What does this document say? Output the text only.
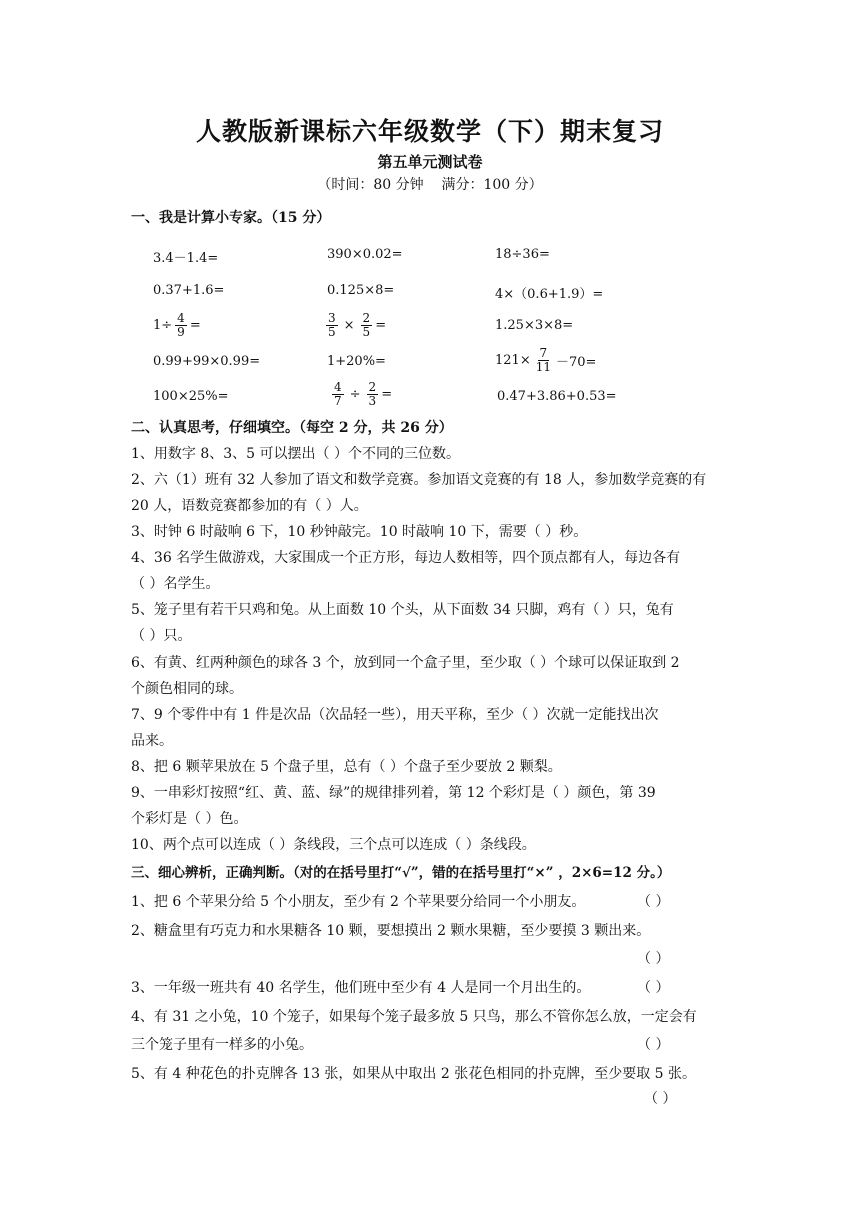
人教版新课标六年级数学（下）期末复习
第五单元测试卷
（时间：80 分钟    满分：100 分）
一、我是计算小专家。（15 分）
3.4－1.4=	390×0.02=	18÷36=
0.37+1.6=	0.125×8=	4×（0.6+1.9）=
$1\div \frac{4}{9}$ =	$\frac{3}{5} \times \frac{2}{5}$ =	1.25×3×8=
0.99+99×0.99=	1+20%=	$121\times \frac{7}{11} -70=$
100×25%=	$\frac{4}{7} \div \frac{2}{3}$ =	0.47+3.86+0.53=
二、认真思考，仔细填空。（每空 2 分，共 26 分）
1、用数字 8、3、5 可以摆出（ ）个不同的三位数。
2、六（1）班有 32 人参加了语文和数学竞赛。参加语文竞赛的有 18 人，参加数学竞赛的有
20 人，语数竞赛都参加的有（ ）人。
3、时钟 6 时敲响 6 下，10 秒钟敲完。10 时敲响 10 下，需要（ ）秒。
4、36 名学生做游戏，大家围成一个正方形，每边人数相等，四个顶点都有人，每边各有
（ ）名学生。
5、笼子里有若干只鸡和兔。从上面数 10 个头，从下面数 34 只脚，鸡有（ ）只，兔有
（ ）只。
6、有黄、红两种颜色的球各 3 个，放到同一个盒子里，至少取（ ）个球可以保证取到 2
个颜色相同的球。
7、9 个零件中有 1 件是次品（次品轻一些），用天平称，至少（ ）次就一定能找出次
品来。
8、把 6 颗苹果放在 5 个盘子里，总有（ ）个盘子至少要放 2 颗梨。
9、一串彩灯按照“红、黄、蓝、绿”的规律排列着，第 12 个彩灯是（ ）颜色，第 39
个彩灯是（ ）色。
10、两个点可以连成（ ）条线段，三个点可以连成（ ）条线段。
三、细心辨析，正确判断。（对的在括号里打“√”，错的在括号里打“×” ，2×6=12 分。）
1、把 6 个苹果分给 5 个小朋友，至少有 2 个苹果要分给同一个小朋友。	（ ）
2、糖盒里有巧克力和水果糖各 10 颗，要想摸出 2 颗水果糖，至少要摸 3 颗出来。
（ ）
3、一年级一班共有 40 名学生，他们班中至少有 4 人是同一个月出生的。	（ ）
4、有 31 之小兔，10 个笼子，如果每个笼子最多放 5 只鸟，那么不管你怎么放，一定会有
三个笼子里有一样多的小兔。	（ ）
5、有 4 种花色的扑克牌各 13 张，如果从中取出 2 张花色相同的扑克牌，至少要取 5 张。
（ ）
